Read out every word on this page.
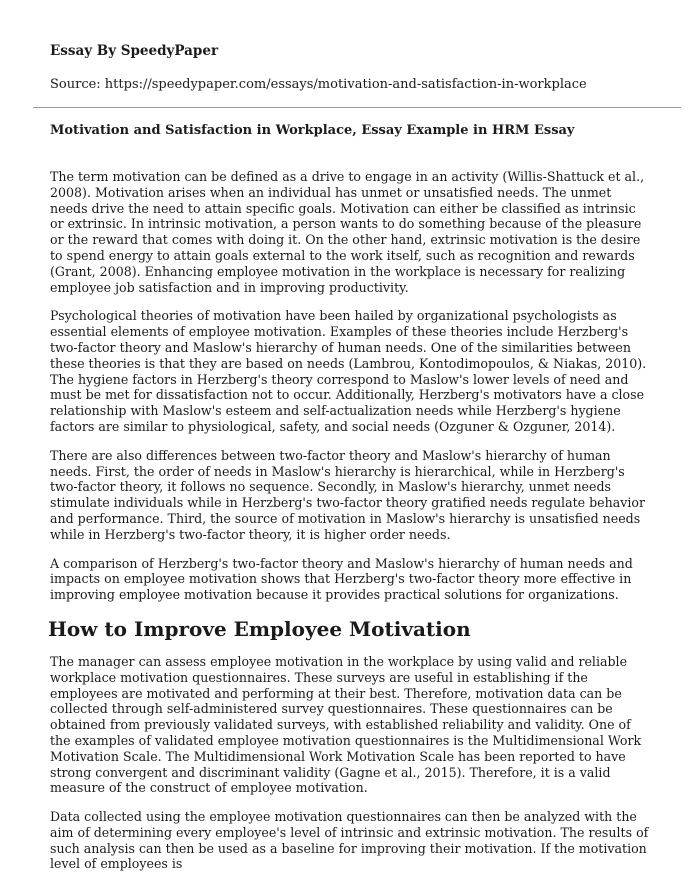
Essay By SpeedyPaper

Source: https://speedypaper.com/essays/motivation-and-satisfaction-in-workplace

Motivation and Satisfaction in Workplace, Essay Example in HRM Essay

The term motivation can be defined as a drive to engage in an activity (Willis-Shattuck et al., 2008). Motivation arises when an individual has unmet or unsatisfied needs. The unmet needs drive the need to attain specific goals. Motivation can either be classified as intrinsic or extrinsic. In intrinsic motivation, a person wants to do something because of the pleasure or the reward that comes with doing it. On the other hand, extrinsic motivation is the desire to spend energy to attain goals external to the work itself, such as recognition and rewards (Grant, 2008). Enhancing employee motivation in the workplace is necessary for realizing employee job satisfaction and in improving productivity.

Psychological theories of motivation have been hailed by organizational psychologists as essential elements of employee motivation. Examples of these theories include Herzberg's two-factor theory and Maslow's hierarchy of human needs. One of the similarities between these theories is that they are based on needs (Lambrou, Kontodimopoulos, & Niakas, 2010). The hygiene factors in Herzberg's theory correspond to Maslow's lower levels of need and must be met for dissatisfaction not to occur. Additionally, Herzberg's motivators have a close relationship with Maslow's esteem and self-actualization needs while Herzberg's hygiene factors are similar to physiological, safety, and social needs (Ozguner & Ozguner, 2014).

There are also differences between two-factor theory and Maslow's hierarchy of human needs. First, the order of needs in Maslow's hierarchy is hierarchical, while in Herzberg's two-factor theory, it follows no sequence. Secondly, in Maslow's hierarchy, unmet needs stimulate individuals while in Herzberg's two-factor theory gratified needs regulate behavior and performance. Third, the source of motivation in Maslow's hierarchy is unsatisfied needs while in Herzberg's two-factor theory, it is higher order needs.

A comparison of Herzberg's two-factor theory and Maslow's hierarchy of human needs and impacts on employee motivation shows that Herzberg's two-factor theory more effective in improving employee motivation because it provides practical solutions for organizations.

How to Improve Employee Motivation

The manager can assess employee motivation in the workplace by using valid and reliable workplace motivation questionnaires. These surveys are useful in establishing if the employees are motivated and performing at their best. Therefore, motivation data can be collected through self-administered survey questionnaires. These questionnaires can be obtained from previously validated surveys, with established reliability and validity. One of the examples of validated employee motivation questionnaires is the Multidimensional Work Motivation Scale. The Multidimensional Work Motivation Scale has been reported to have strong convergent and discriminant validity (Gagne et al., 2015). Therefore, it is a valid measure of the construct of employee motivation.

Data collected using the employee motivation questionnaires can then be analyzed with the aim of determining every employee's level of intrinsic and extrinsic motivation. The results of such analysis can then be used as a baseline for improving their motivation. If the motivation level of employees is
